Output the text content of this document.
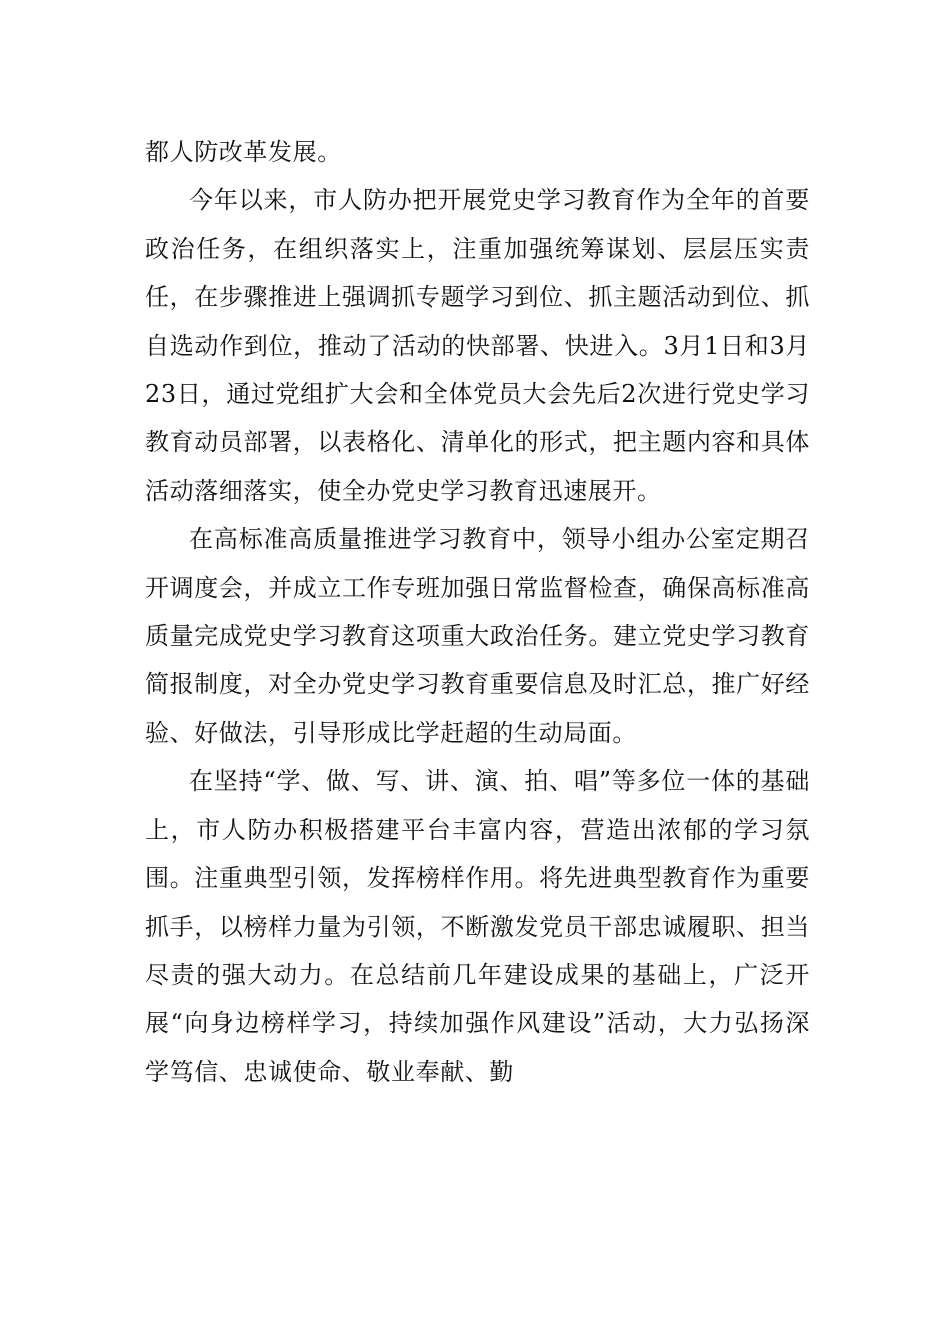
都人防改革发展。

今年以来，市人防办把开展党史学习教育作为全年的首要政治任务，在组织落实上，注重加强统筹谋划、层层压实责任，在步骤推进上强调抓专题学习到位、抓主题活动到位、抓自选动作到位，推动了活动的快部署、快进入。3月1日和3月23日，通过党组扩大会和全体党员大会先后2次进行党史学习教育动员部署，以表格化、清单化的形式，把主题内容和具体活动落细落实，使全办党史学习教育迅速展开。

在高标准高质量推进学习教育中，领导小组办公室定期召开调度会，并成立工作专班加强日常监督检查，确保高标准高质量完成党史学习教育这项重大政治任务。建立党史学习教育简报制度，对全办党史学习教育重要信息及时汇总，推广好经验、好做法，引导形成比学赶超的生动局面。

在坚持“学、做、写、讲、演、拍、唱”等多位一体的基础上，市人防办积极搭建平台丰富内容，营造出浓郁的学习氛围。注重典型引领，发挥榜样作用。将先进典型教育作为重要抓手，以榜样力量为引领，不断激发党员干部忠诚履职、担当尽责的强大动力。在总结前几年建设成果的基础上，广泛开展“向身边榜样学习，持续加强作风建设”活动，大力弘扬深学笃信、忠诚使命、敬业奉献、勤
